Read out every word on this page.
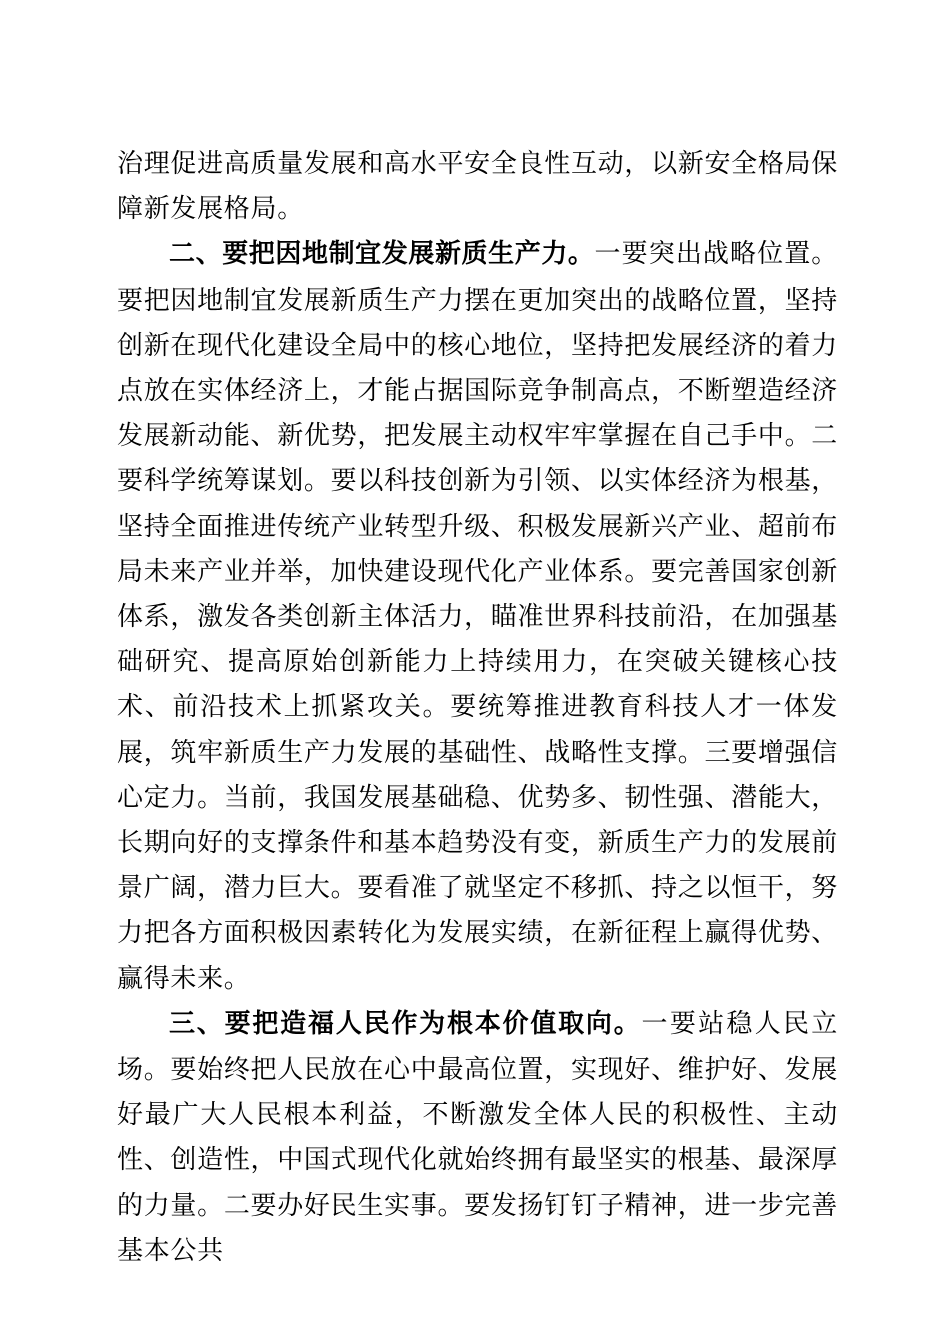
治理促进高质量发展和高水平安全良性互动，以新安全格局保障新发展格局。

二、要把因地制宜发展新质生产力。一要突出战略位置。要把因地制宜发展新质生产力摆在更加突出的战略位置，坚持创新在现代化建设全局中的核心地位，坚持把发展经济的着力点放在实体经济上，才能占据国际竞争制高点，不断塑造经济发展新动能、新优势，把发展主动权牢牢掌握在自己手中。二要科学统筹谋划。要以科技创新为引领、以实体经济为根基，坚持全面推进传统产业转型升级、积极发展新兴产业、超前布局未来产业并举，加快建设现代化产业体系。要完善国家创新体系，激发各类创新主体活力，瞄准世界科技前沿，在加强基础研究、提高原始创新能力上持续用力，在突破关键核心技术、前沿技术上抓紧攻关。要统筹推进教育科技人才一体发展，筑牢新质生产力发展的基础性、战略性支撑。三要增强信心定力。当前，我国发展基础稳、优势多、韧性强、潜能大，长期向好的支撑条件和基本趋势没有变，新质生产力的发展前景广阔，潜力巨大。要看准了就坚定不移抓、持之以恒干，努力把各方面积极因素转化为发展实绩，在新征程上赢得优势、赢得未来。

三、要把造福人民作为根本价值取向。一要站稳人民立场。要始终把人民放在心中最高位置，实现好、维护好、发展好最广大人民根本利益，不断激发全体人民的积极性、主动性、创造性，中国式现代化就始终拥有最坚实的根基、最深厚的力量。二要办好民生实事。要发扬钉钉子精神，进一步完善基本公共
